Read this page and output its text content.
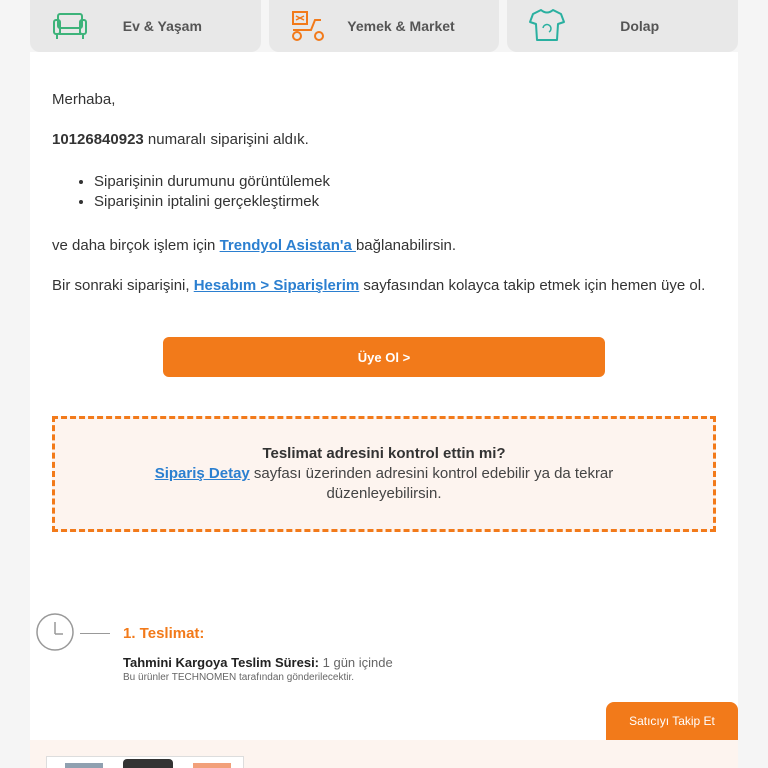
Ev & Yaşam	Yemek & Market	Dolap
Merhaba,
10126840923 numaralı siparişini aldık.
• Siparişinin durumunu görüntülemek
• Siparişinin iptalini gerçekleştirmek
ve daha birçok işlem için Trendyol Asistan'a bağlanabilirsin.
Bir sonraki siparişini, Hesabım > Siparişlerim sayfasından kolayca takip etmek için hemen üye ol.
Üye Ol >
Teslimat adresini kontrol ettin mi?
Sipariş Detay sayfası üzerinden adresini kontrol edebilir ya da tekrar düzenleyebilirsin.
1. Teslimat:
Tahmini Kargoya Teslim Süresi: 1 gün içinde
Bu ürünler TECHNOMEN tarafından gönderilecektir.
Satıcıyı Takip Et
